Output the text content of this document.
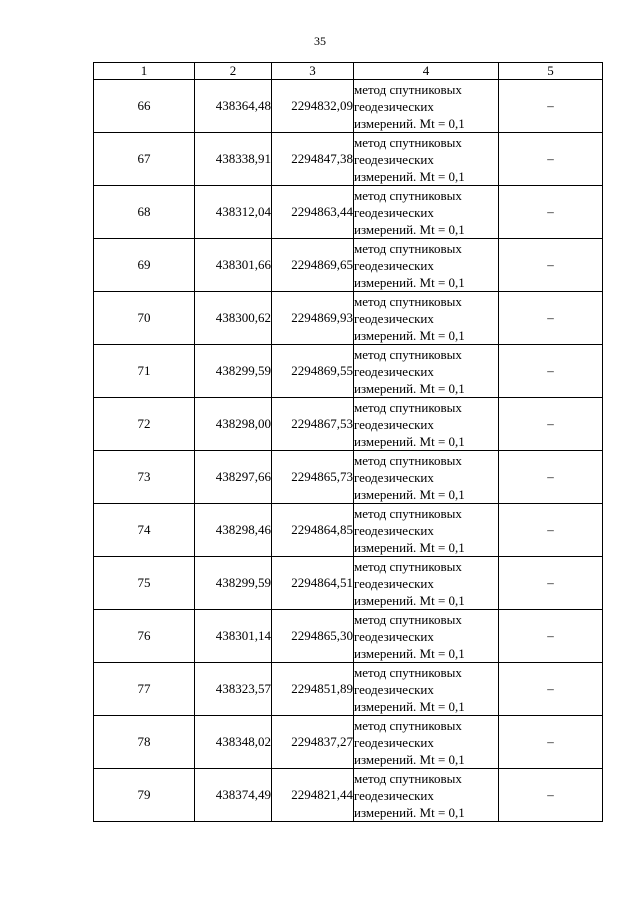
35
1	2	3	4	5
66	438364,48	2294832,09	метод спутниковых
геодезических
измерений. Mt = 0,1	–
67	438338,91	2294847,38	метод спутниковых
геодезических
измерений. Mt = 0,1	–
68	438312,04	2294863,44	метод спутниковых
геодезических
измерений. Mt = 0,1	–
69	438301,66	2294869,65	метод спутниковых
геодезических
измерений. Mt = 0,1	–
70	438300,62	2294869,93	метод спутниковых
геодезических
измерений. Mt = 0,1	–
71	438299,59	2294869,55	метод спутниковых
геодезических
измерений. Mt = 0,1	–
72	438298,00	2294867,53	метод спутниковых
геодезических
измерений. Mt = 0,1	–
73	438297,66	2294865,73	метод спутниковых
геодезических
измерений. Mt = 0,1	–
74	438298,46	2294864,85	метод спутниковых
геодезических
измерений. Mt = 0,1	–
75	438299,59	2294864,51	метод спутниковых
геодезических
измерений. Mt = 0,1	–
76	438301,14	2294865,30	метод спутниковых
геодезических
измерений. Mt = 0,1	–
77	438323,57	2294851,89	метод спутниковых
геодезических
измерений. Mt = 0,1	–
78	438348,02	2294837,27	метод спутниковых
геодезических
измерений. Mt = 0,1	–
79	438374,49	2294821,44	метод спутниковых
геодезических
измерений. Mt = 0,1	–
